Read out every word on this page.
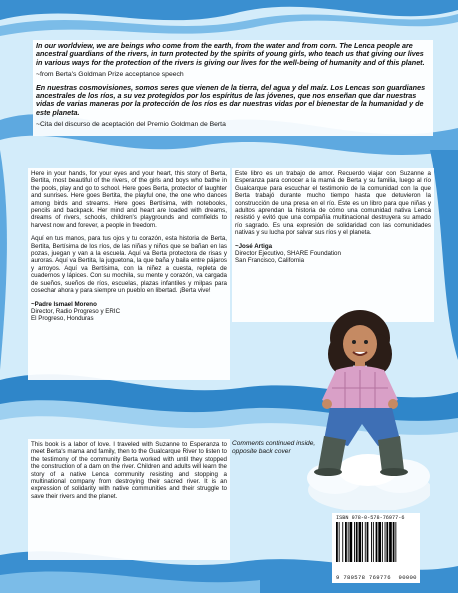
In our worldview, we are beings who come from the earth, from the water and from corn. The Lenca people are ancestral guardians of the rivers, in turn protected by the spirits of young girls, who teach us that giving our lives in various ways for the protection of the rivers is giving our lives for the well-being of humanity and of this planet.

~from Berta's Goldman Prize acceptance speech

En nuestras cosmovisiones, somos seres que vienen de la tierra, del agua y del maíz. Los Lencas son guardianes ancestrales de los ríos, a su vez protegidos por los espíritus de las jóvenes, que nos enseñan que dar nuestras vidas de varias maneras por la protección de los ríos es dar nuestras vidas por el bienestar de la humanidad y de este planeta.

~Cita del discurso de aceptación del Premio Goldman de Berta

Here in your hands, for your eyes and your heart, this story of Berta, Bertita, most beautiful of the rivers, of the girls and boys who bathe in the pools, play and go to school. Here goes Berta, protector of laughter and sunrises. Here goes Bertita, the playful one, the one who dances among birds and streams. Here goes Bertísima, with notebooks, pencils and backpack. Her mind and heart are loaded with dreams, dreams of rivers, schools, children's playgrounds and cornfields to harvest now and forever, a people in freedom.

Aquí en tus manos, para tus ojos y tu corazón, esta historia de Berta, Bertita, Bertísima de los ríos, de las niñas y niños que se bañan en las pozas, juegan y van a la escuela. Aquí va Berta protectora de risas y auroras. Aquí va Bertita, la juguetona, la que baña y baila entre pájaros y arroyos. Aquí va Bertísima, con la niñez a cuesta, repleta de cuadernos y lápices. Con su mochila, su mente y corazón, va cargada de sueños, sueños de ríos, escuelas, plazas infantiles y milpas para cosechar ahora y para siempre un pueblo en libertad. ¡Berta vive!

~Padre Ismael Moreno
Director, Radio Progreso y ERIC
El Progreso, Honduras

Este libro es un trabajo de amor. Recuerdo viajar con Suzanne a Esperanza para conocer a la mamá de Berta y su familia, luego al río Gualcarque para escuchar el testimonio de la comunidad con la que Berta trabajó durante mucho tiempo hasta que detuvieron la construcción de una presa en el río. Este es un libro para que niñas y adultos aprendan la historia de cómo una comunidad nativa Lenca resistió y evitó que una compañía multinacional destruyera su amado río sagrado. Es una expresión de solidaridad con las comunidades nativas y su lucha por salvar sus ríos y el planeta.

~José Artiga
Director Ejecutivo, SHARE Foundation
San Francisco, California

This book is a labor of love. I traveled with Suzanne to Esperanza to meet Berta's mama and family, then to the Gualcarque River to listen to the testimony of the community Berta worked with until they stopped the construction of a dam on the river. Children and adults will learn the story of a native Lenca community resisting and stopping a multinational company from destroying their sacred river. It is an expression of solidarity with native communities and their struggle to save their rivers and the planet.

Comments continued inside,
opposite back cover
ISBN 978-0-578-76977-6
9 780578 769776 90000
